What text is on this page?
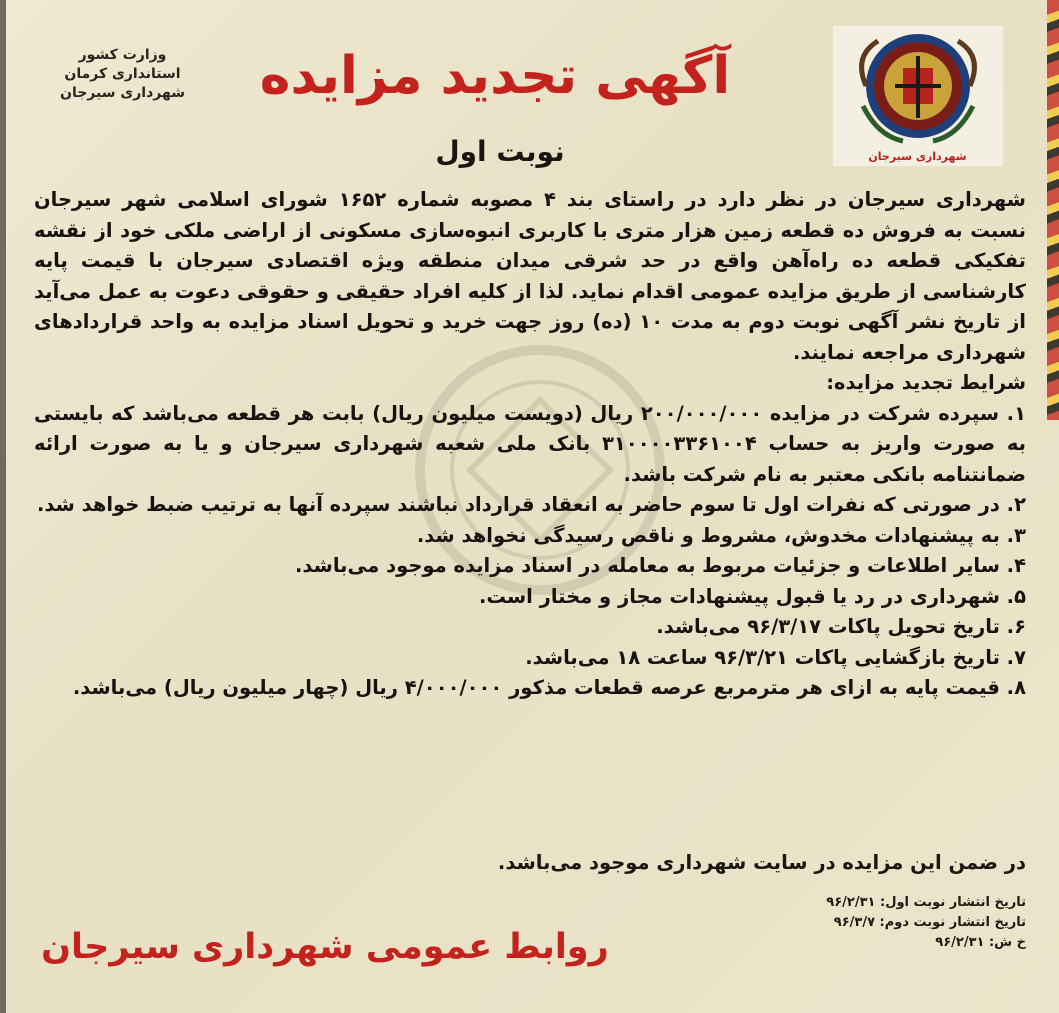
شهرداری سیرجان
وزارت کشور
استانداری کرمان
شهرداری سیرجان	آگهی تجدید مزایده
نوبت اول

شهرداری سیرجان در نظر دارد در راستای بند ۴ مصوبه شماره ۱۶۵۲ شورای اسلامی شهر سیرجان نسبت به فروش ده قطعه زمین هزار متری با کاربری انبوه‌سازی مسکونی از اراضی ملکی خود از نقشه تفکیکی قطعه ده راه‌آهن واقع در حد شرقی میدان منطقه ویژه اقتصادی سیرجان با قیمت پایه کارشناسی از طریق مزایده عمومی اقدام نماید. لذا از کلیه افراد حقیقی و حقوقی دعوت به عمل می‌آید از تاریخ نشر آگهی نوبت دوم به مدت ۱۰ (ده) روز جهت خرید و تحویل اسناد مزایده به واحد قراردادهای شهرداری مراجعه نمایند.

شرایط تجدید مزایده:

۱. سپرده شرکت در مزایده ۲۰۰/۰۰۰/۰۰۰ ریال (دویست میلیون ریال) بابت هر قطعه می‌باشد که بایستی به صورت واریز به حساب ۳۱۰۰۰۰۳۳۶۱۰۰۴ بانک ملی شعبه شهرداری سیرجان و یا به صورت ارائه ضمانتنامه بانکی معتبر به نام شرکت باشد.
۲. در صورتی که نفرات اول تا سوم حاضر به انعقاد قرارداد نباشند سپرده آنها به ترتیب ضبط خواهد شد.
۳. به پیشنهادات مخدوش، مشروط و ناقص رسیدگی نخواهد شد.
۴. سایر اطلاعات و جزئیات مربوط به معامله در اسناد مزایده موجود می‌باشد.
۵. شهرداری در رد یا قبول پیشنهادات مجاز و مختار است.
۶. تاریخ تحویل پاکات ۹۶/۳/۱۷ می‌باشد.
۷. تاریخ بازگشایی پاکات ۹۶/۳/۲۱ ساعت ۱۸ می‌باشد.
۸. قیمت پایه به ازای هر مترمربع عرصه قطعات مذکور ۴/۰۰۰/۰۰۰ ریال (چهار میلیون ریال) می‌باشد.
در ضمن این مزایده در سایت شهرداری موجود می‌باشد.
تاریخ انتشار نوبت اول: ۹۶/۲/۳۱
تاریخ انتشار نوبت دوم: ۹۶/۳/۷
خ ش: ۹۶/۲/۳۱
روابط عمومی شهرداری سیرجان
